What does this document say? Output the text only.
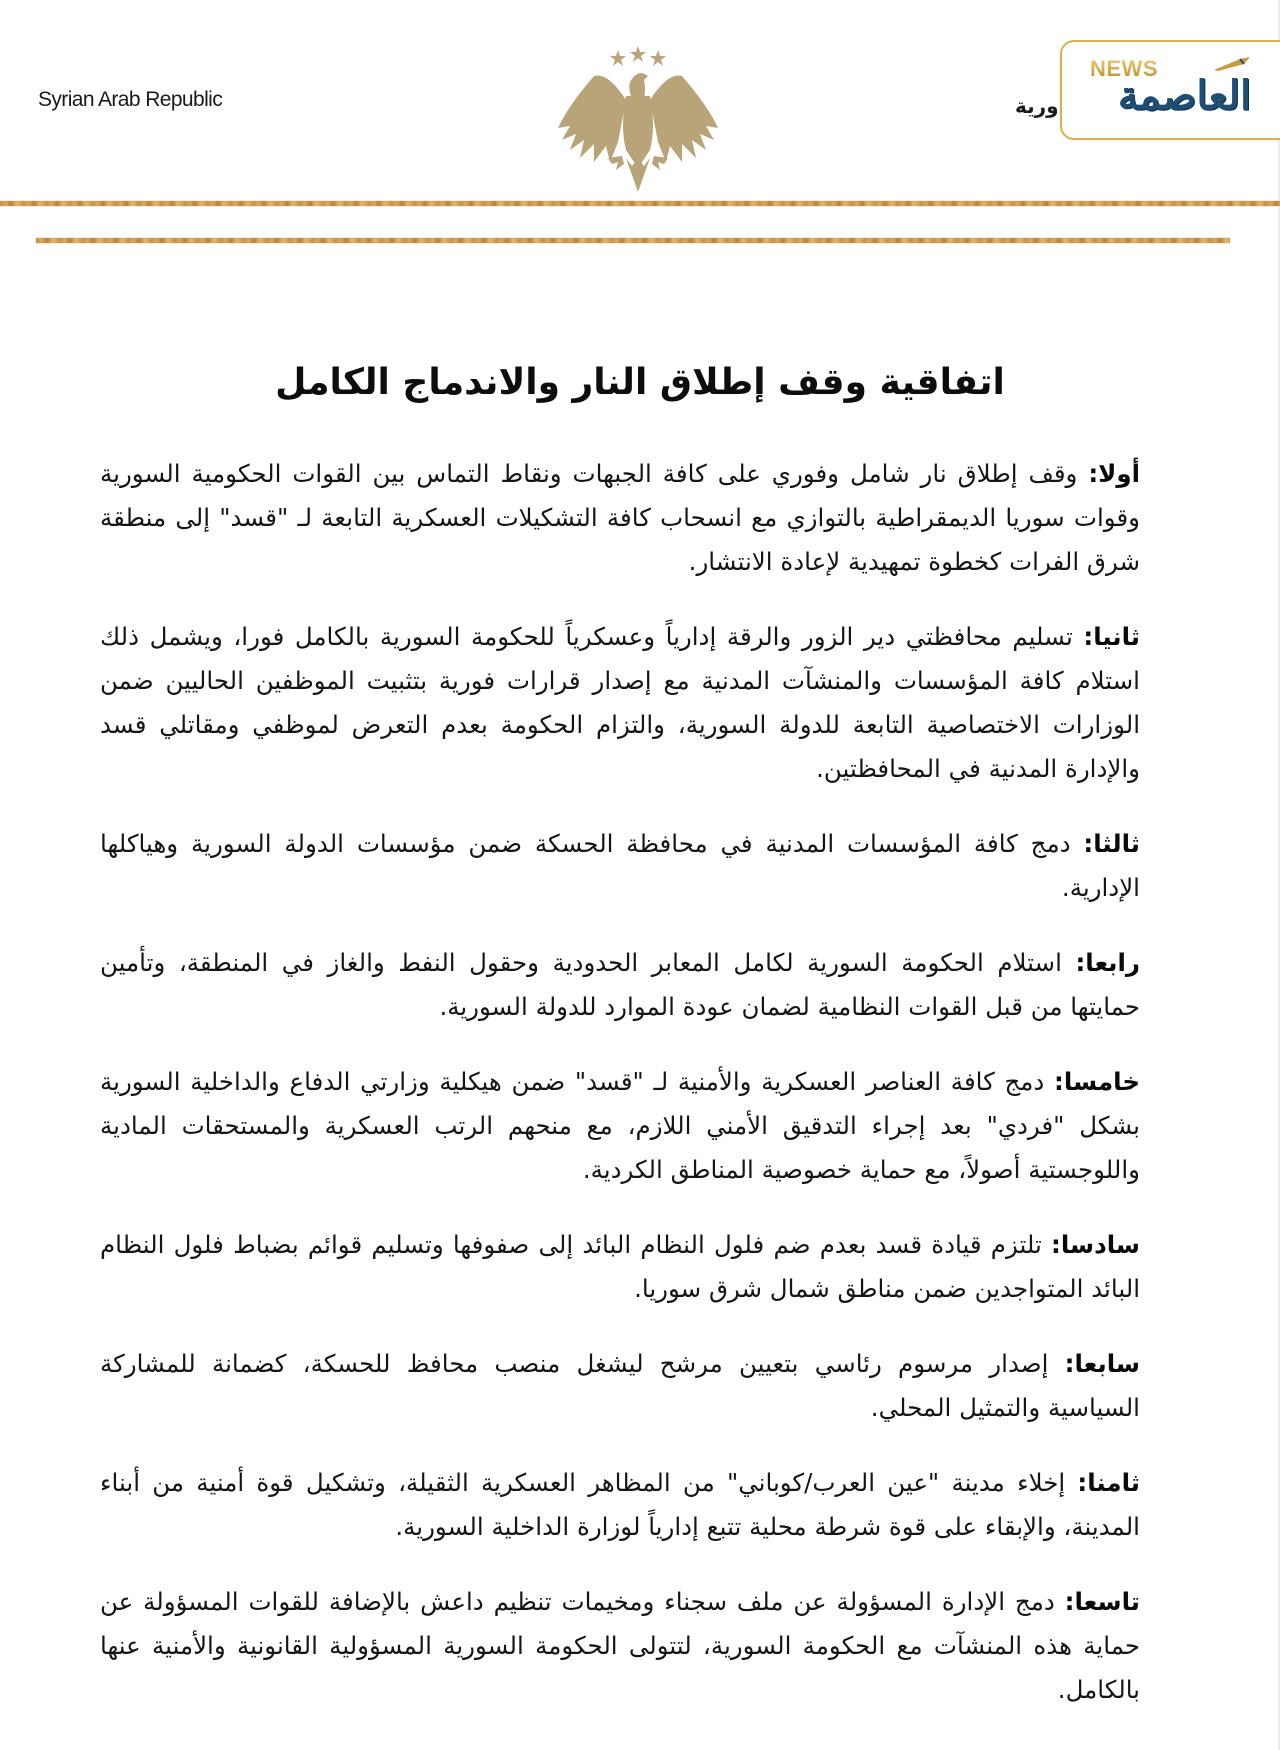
Syrian Arab Republic	ورية
NEWS
العاصمة
اتفاقية وقف إطلاق النار والاندماج الكامل

أولا: وقف إطلاق نار شامل وفوري على كافة الجبهات ونقاط التماس بين القوات الحكومية السورية وقوات سوريا الديمقراطية بالتوازي مع انسحاب كافة التشكيلات العسكرية التابعة لـ "قسد" إلى منطقة شرق الفرات كخطوة تمهيدية لإعادة الانتشار.

ثانيا: تسليم محافظتي دير الزور والرقة إدارياً وعسكرياً للحكومة السورية بالكامل فورا، ويشمل ذلك استلام كافة المؤسسات والمنشآت المدنية مع إصدار قرارات فورية بتثبيت الموظفين الحاليين ضمن الوزارات الاختصاصية التابعة للدولة السورية، والتزام الحكومة بعدم التعرض لموظفي ومقاتلي قسد والإدارة المدنية في المحافظتين.

ثالثا: دمج كافة المؤسسات المدنية في محافظة الحسكة ضمن مؤسسات الدولة السورية وهياكلها الإدارية.

رابعا: استلام الحكومة السورية لكامل المعابر الحدودية وحقول النفط والغاز في المنطقة، وتأمين حمايتها من قبل القوات النظامية لضمان عودة الموارد للدولة السورية.

خامسا: دمج كافة العناصر العسكرية والأمنية لـ "قسد" ضمن هيكلية وزارتي الدفاع والداخلية السورية بشكل "فردي" بعد إجراء التدقيق الأمني اللازم، مع منحهم الرتب العسكرية والمستحقات المادية واللوجستية أصولاً، مع حماية خصوصية المناطق الكردية.

سادسا: تلتزم قيادة قسد بعدم ضم فلول النظام البائد إلى صفوفها وتسليم قوائم بضباط فلول النظام البائد المتواجدين ضمن مناطق شمال شرق سوريا.

سابعا: إصدار مرسوم رئاسي بتعيين مرشح ليشغل منصب محافظ للحسكة، كضمانة للمشاركة السياسية والتمثيل المحلي.

ثامنا: إخلاء مدينة "عين العرب/كوباني" من المظاهر العسكرية الثقيلة، وتشكيل قوة أمنية من أبناء المدينة، والإبقاء على قوة شرطة محلية تتبع إدارياً لوزارة الداخلية السورية.

تاسعا: دمج الإدارة المسؤولة عن ملف سجناء ومخيمات تنظيم داعش بالإضافة للقوات المسؤولة عن حماية هذه المنشآت مع الحكومة السورية، لتتولى الحكومة السورية المسؤولية القانونية والأمنية عنها بالكامل.
